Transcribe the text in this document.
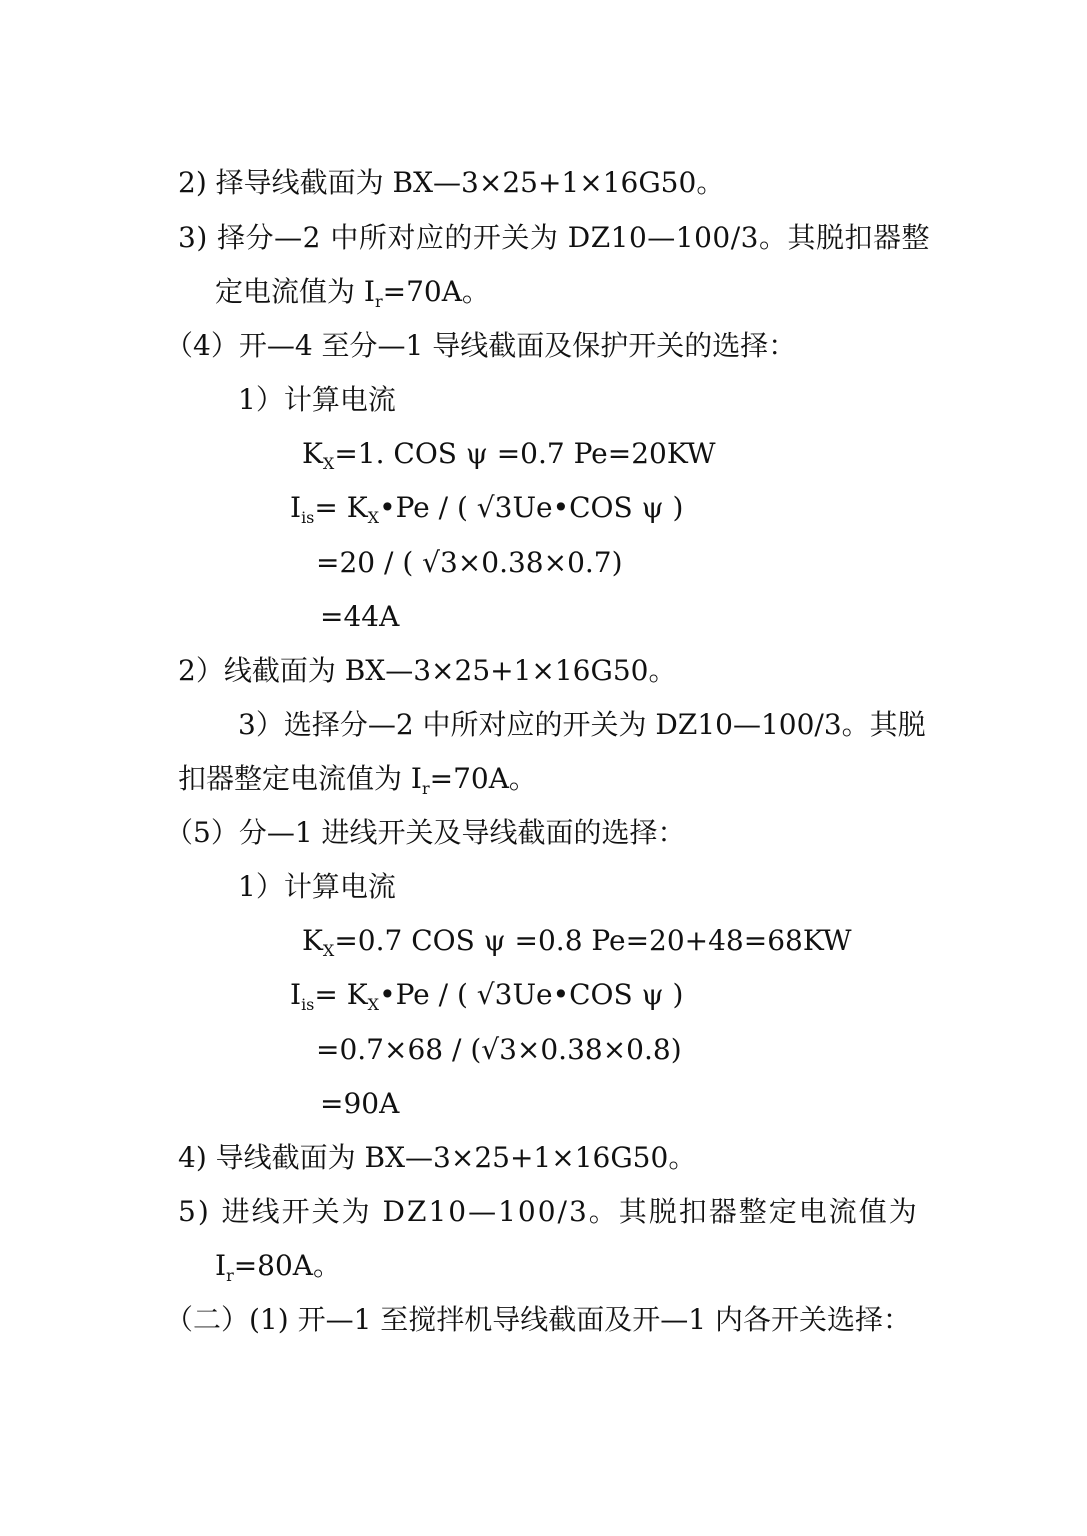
2) 择导线截面为 BX—3×25+1×16G50。
3) 择分—2 中所对应的开关为 DZ10—100/3。其脱扣器整
定电流值为 $I_r=70A$。
（4）开—4 至分—1 导线截面及保护开关的选择：
1）计算电流
$K_X=1$. COS ψ =0.7 Pe=20KW
$I_{is}=$ $K_X•Pe$ / ( √3Ue•COS ψ )
=20 / ( √3×0.38×0.7)
=44A
2）线截面为 BX—3×25+1×16G50。
3）选择分—2 中所对应的开关为 DZ10—100/3。其脱
扣器整定电流值为 $I_r=70A$。
（5）分—1 进线开关及导线截面的选择：
1）计算电流
$K_X=0.7$ COS ψ =0.8 Pe=20+48=68KW
$I_{is}=$ $K_X•Pe$ / ( √3Ue•COS ψ )
=0.7×68 / (√3×0.38×0.8)
=90A
4) 导线截面为 BX—3×25+1×16G50。
5) 进线开关为 DZ10—100/3。其脱扣器整定电流值为
$I_r=80A$。
（二）(1) 开—1 至搅拌机导线截面及开—1 内各开关选择：
